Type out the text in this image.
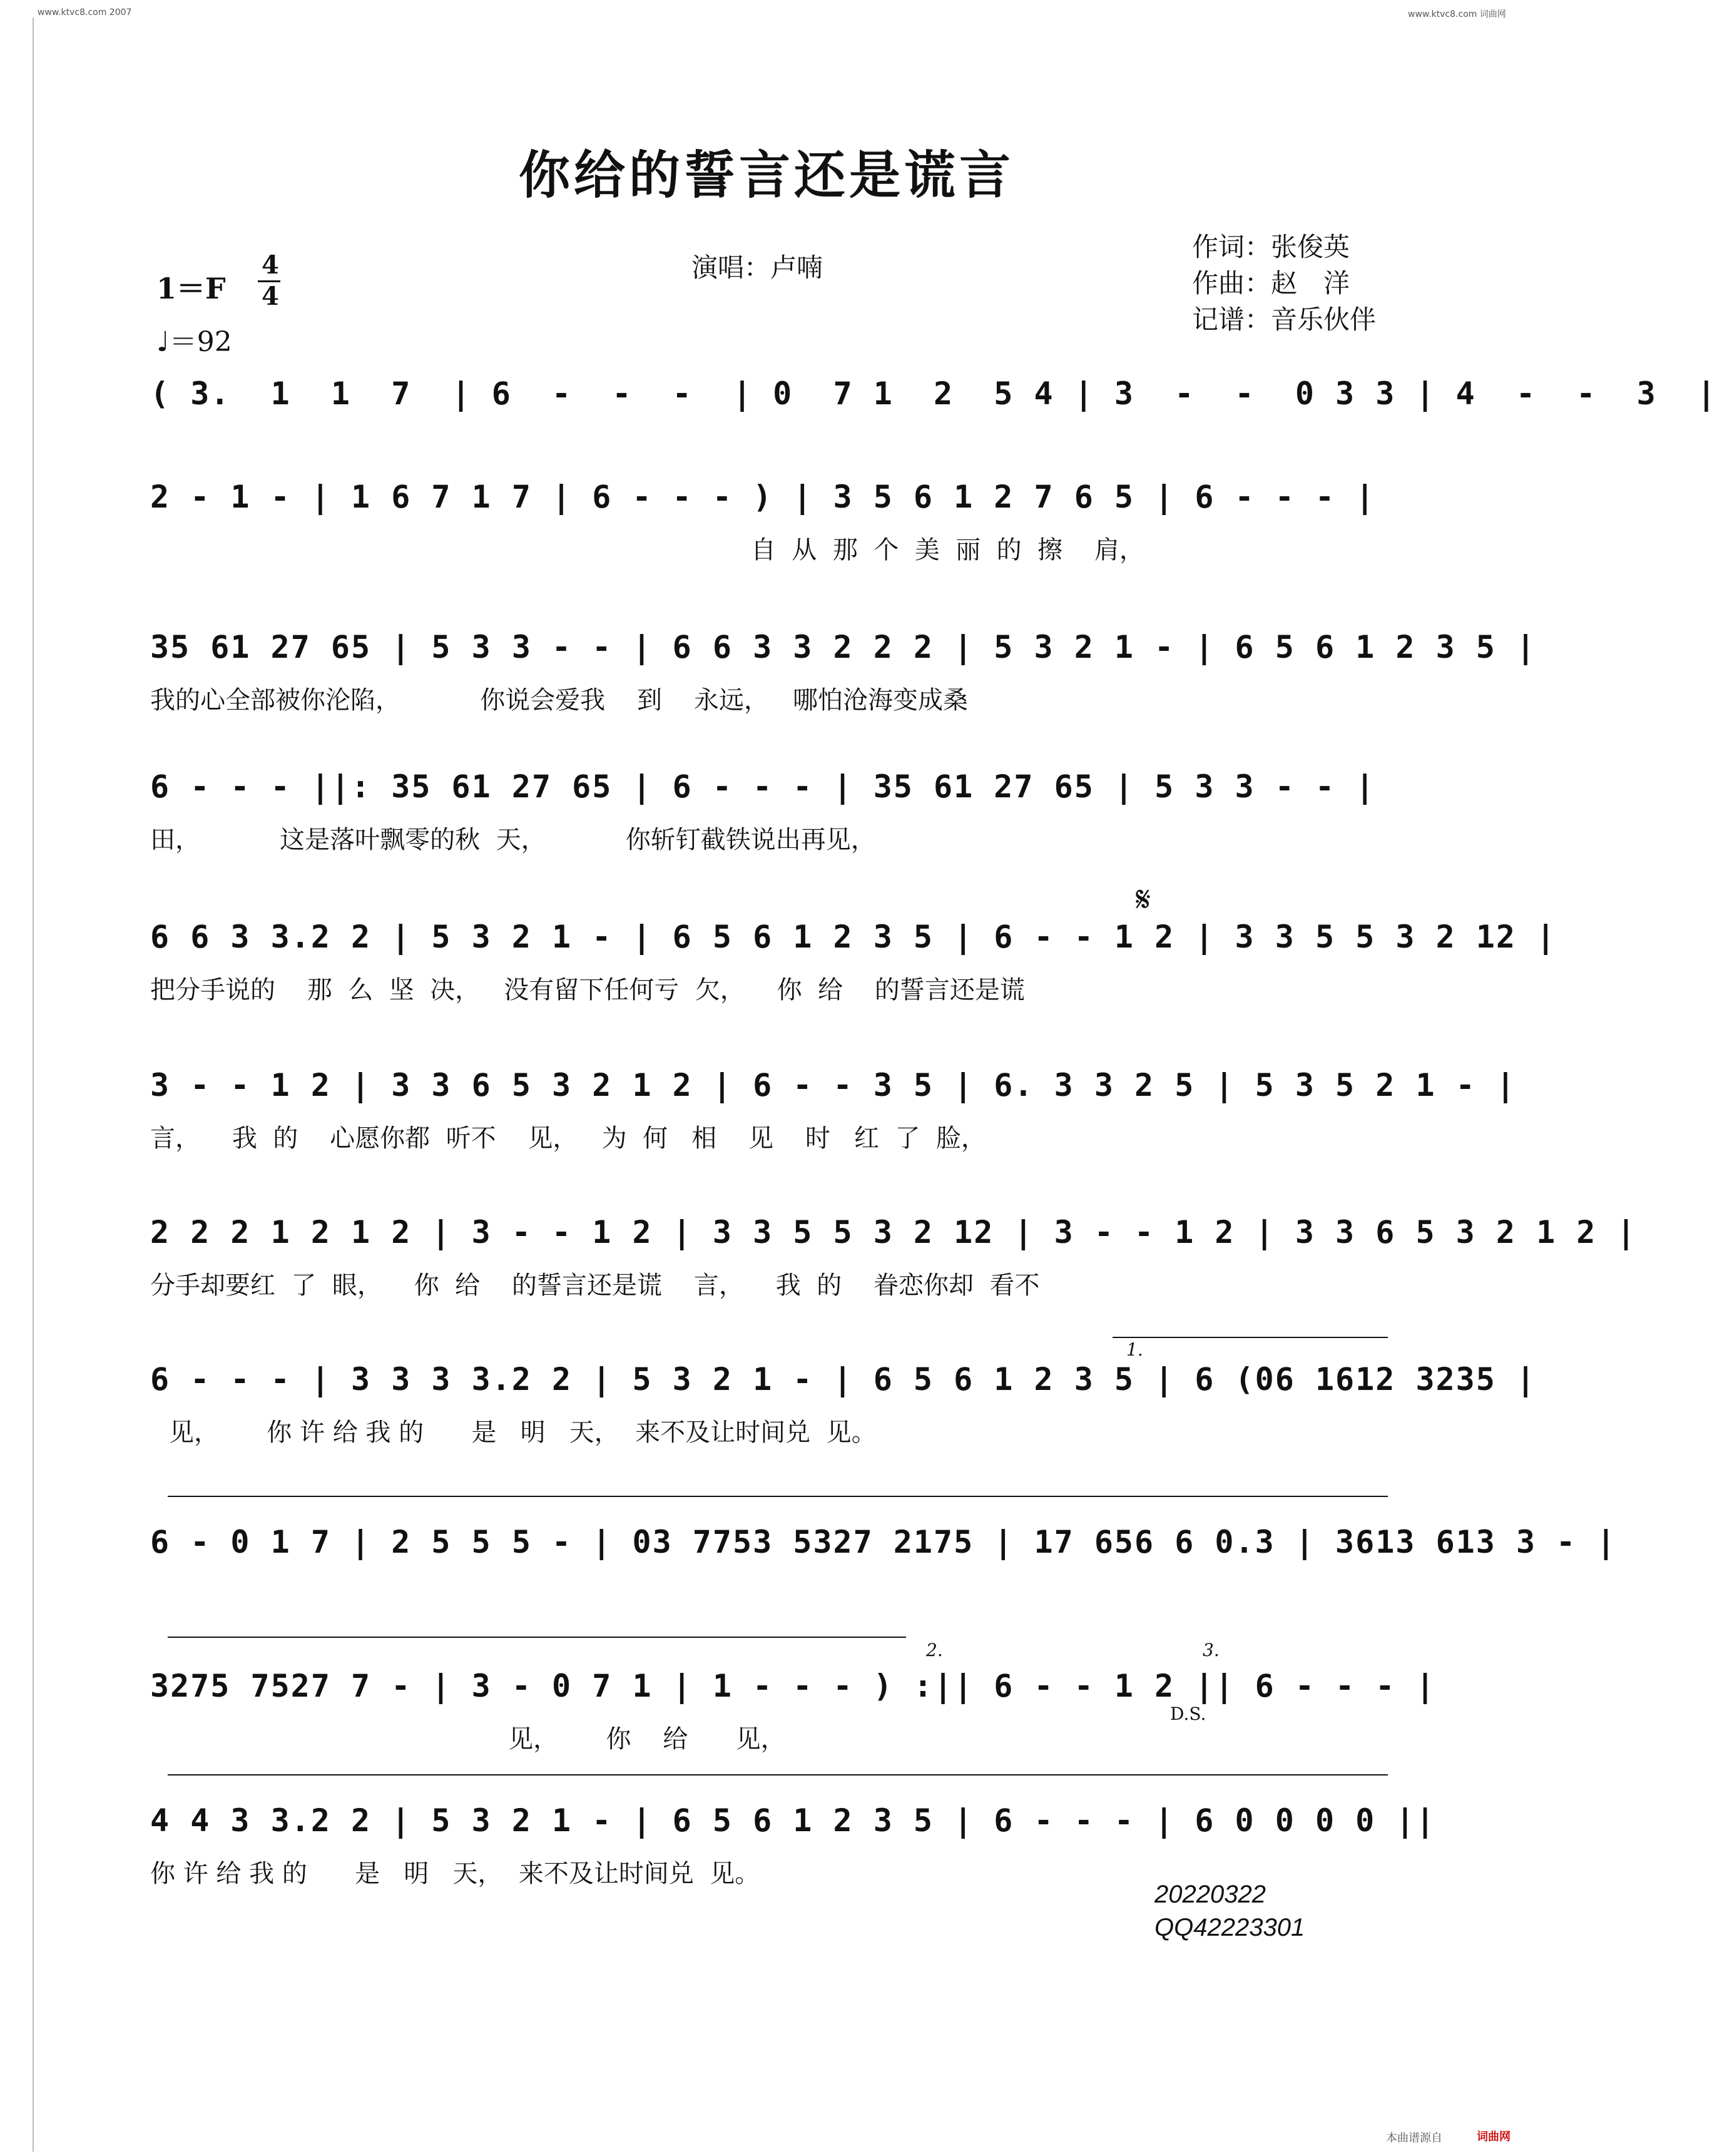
www.ktvc8.com 2007	www.ktvc8.com 词曲网
你给的誓言还是谎言
演唱：卢喃
作词：张俊英
作曲：赵　洋
记谱：音乐伙伴
1＝F
4
4
♩＝92
( 3.  1  1  7  | 6  -  -  -  | 0  7 1  2  5 4 | 3  -  -  0 3 3 | 4  -  -  3  |
2 - 1 - | 1 6 7 1 7 | 6 - - - ) | 3 5 6 1 2 7 6 5 | 6 - - - |
自  从  那  个  美  丽  的  擦    肩，
35 61 27 65 | 5 3 3 - - | 6 6 3 3 2 2 2 | 5 3 2 1 - | 6 5 6 1 2 3 5 |
我的心全部被你沦陷，          你说会爱我    到    永远，   哪怕沧海变成桑
6 - - - ||: 35 61 27 65 | 6 - - - | 35 61 27 65 | 5 3 3 - - |
田，          这是落叶飘零的秋  天，          你斩钉截铁说出再见，
𝄋
6 6 3 3.2 2 | 5 3 2 1 - | 6 5 6 1 2 3 5 | 6 - - 1 2 | 3 3 5 5 3 2 12 |
把分手说的    那  么  坚  决，   没有留下任何亏  欠，    你  给    的誓言还是谎
3 - - 1 2 | 3 3 6 5 3 2 1 2 | 6 - - 3 5 | 6. 3 3 2 5 | 5 3 5 2 1 - |
言，    我  的    心愿你都  听不    见，   为  何   相    见    时   红  了  脸，
2 2 2 1 2 1 2 | 3 - - 1 2 | 3 3 5 5 3 2 12 | 3 - - 1 2 | 3 3 6 5 3 2 1 2 |
分手却要红  了  眼，    你  给    的誓言还是谎    言，    我  的    眷恋你却  看不
1.
6 - - - | 3 3 3 3.2 2 | 5 3 2 1 - | 6 5 6 1 2 3 5 | 6 (06 1612 3235 |
见，      你 许 给 我 的      是   明   天，  来不及让时间兑  见。
6 - 0 1 7 | 2 5 5 5 - | 03 7753 5327 2175 | 17 656 6 0.3 | 3613 613 3 - |
2.	3.
3275 7527 7 - | 3 - 0 7 1 | 1 - - - ) :|| 6 - - 1 2 || 6 - - - |
见，      你    给      见，
D.S.
4 4 3 3.2 2 | 5 3 2 1 - | 6 5 6 1 2 3 5 | 6 - - - | 6 0 0 0 0 ||
你 许 给 我 的      是   明   天，  来不及让时间兑  见。
20220322
QQ42223301
本曲谱源自	词曲网
